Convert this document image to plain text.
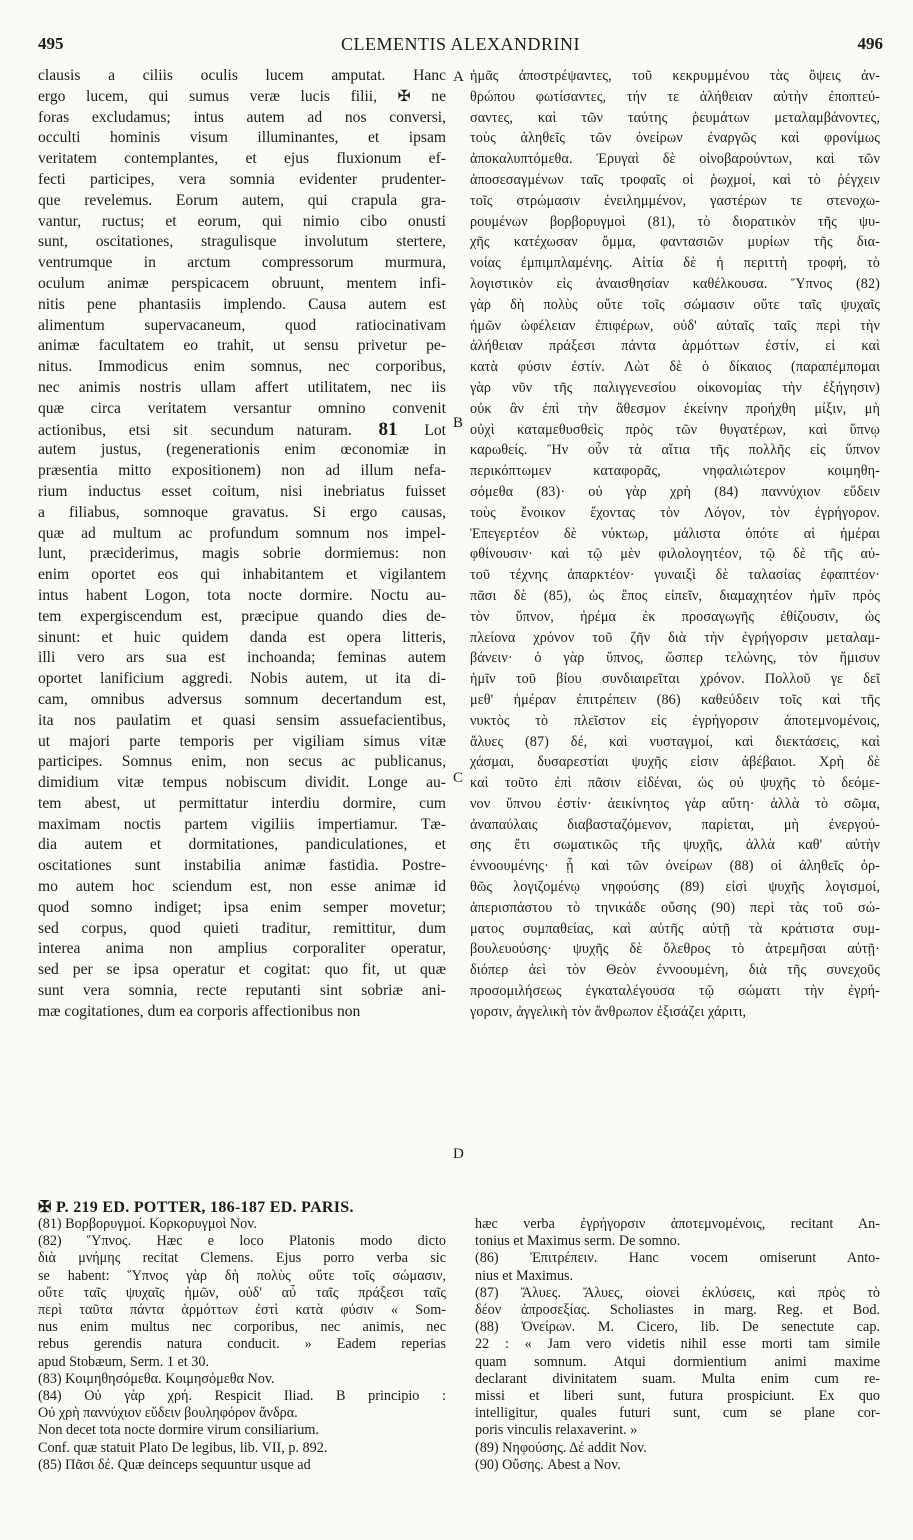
495	CLEMENTIS ALEXANDRINI	496
clausis a ciliis oculis lucem amputat. Hanc
ergo lucem, qui sumus veræ lucis filii, ✠ ne
foras excludamus; intus autem ad nos conversi,
occulti hominis visum illuminantes, et ipsam
veritatem contemplantes, et ejus fluxionum ef-
fecti participes, vera somnia evidenter prudenter-
que revelemus. Eorum autem, qui crapula gra-
vantur, ructus; et eorum, qui nimio cibo onusti
sunt, oscitationes, stragulisque involutum stertere,
ventrumque in arctum compressorum murmura,
oculum animæ perspicacem obruunt, mentem infi-
nitis pene phantasiis implendo. Causa autem est
alimentum supervacaneum, quod ratiocinativam
animæ facultatem eo trahit, ut sensu privetur pe-
nitus. Immodicus enim somnus, nec corporibus,
nec animis nostris ullam affert utilitatem, nec iis
quæ circa veritatem versantur omnino convenit
actionibus, etsi sit secundum naturam. 81 Lot
autem justus, (regenerationis enim œconomiæ in
præsentia mitto expositionem) non ad illum nefa-
rium inductus esset coitum, nisi inebriatus fuisset
a filiabus, somnoque gravatus. Si ergo causas,
quæ ad multum ac profundum somnum nos impel-
lunt, præciderimus, magis sobrie dormiemus: non
enim oportet eos qui inhabitantem et vigilantem
intus habent Logon, tota nocte dormire. Noctu au-
tem expergiscendum est, præcipue quando dies de-
sinunt: et huic quidem danda est opera litteris,
illi vero ars sua est inchoanda; feminas autem
oportet lanificium aggredi. Nobis autem, ut ita di-
cam, omnibus adversus somnum decertandum est,
ita nos paulatim et quasi sensim assuefacientibus,
ut majori parte temporis per vigiliam simus vitæ
participes. Somnus enim, non secus ac publicanus,
dimidium vitæ tempus nobiscum dividit. Longe au-
tem abest, ut permittatur interdiu dormire, cum
maximam noctis partem vigiliis impertiamur. Tæ-
dia autem et dormitationes, pandiculationes, et
oscitationes sunt instabilia animæ fastidia. Postre-
mo autem hoc sciendum est, non esse animæ id
quod somno indiget; ipsa enim semper movetur;
sed corpus, quod quieti traditur, remittitur, dum
interea anima non amplius corporaliter operatur,
sed per se ipsa operatur et cogitat: quo fit, ut quæ
sunt vera somnia, recte reputanti sint sobriæ ani-
mæ cogitationes, dum ea corporis affectionibus non
ἡμᾶς ἀποστρέψαντες, τοῦ κεκρυμμένου τὰς ὄψεις ἀν-
θρώπου φωτίσαντες, τήν τε ἀλήθειαν αὐτὴν ἐποπτεύ-
σαντες, καὶ τῶν ταύτης ῥευμάτων μεταλαμβάνοντες,
τοὺς ἀληθεῖς τῶν ὀνείρων ἐναργῶς καὶ φρονίμως
ἀποκαλυπτόμεθα. Ἐρυγαὶ δὲ οἰνοβαρούντων, καὶ τῶν
ἀποσεσαγμένων ταῖς τροφαῖς οἱ ῥωχμοί, καὶ τὸ ῥέγχειν
τοῖς στρώμασιν ἐνειλημμένον, γαστέρων τε στενοχω-
ρουμένων βορβορυγμοὶ (81), τὸ διορατικὸν τῆς ψυ-
χῆς κατέχωσαν ὄμμα, φαντασιῶν μυρίων τῆς δια-
νοίας ἐμπιμπλαμένης. Αἰτία δὲ ἡ περιττὴ τροφή, τὸ
λογιστικὸν εἰς ἀναισθησίαν καθέλκουσα. Ὕπνος (82)
γὰρ δὴ πολὺς οὔτε τοῖς σώμασιν οὔτε ταῖς ψυχαῖς
ἡμῶν ὠφέλειαν ἐπιφέρων, οὐδ' αὐταῖς ταῖς περὶ τὴν
ἀλήθειαν πράξεσι πάντα ἁρμόττων ἐστίν, εἰ καὶ
κατὰ φύσιν ἐστίν. Λὼτ δὲ ὁ δίκαιος (παραπέμπομαι
γὰρ νῦν τῆς παλιγγενεσίου οἰκονομίας τὴν ἐξήγησιν)
οὐκ ἂν ἐπὶ τὴν ἄθεσμον ἐκείνην προήχθη μίξιν, μὴ
οὐχὶ καταμεθυσθεὶς πρὸς τῶν θυγατέρων, καὶ ὕπνῳ
καρωθείς. Ἢν οὖν τὰ αἴτια τῆς πολλῆς εἰς ὕπνον
περικόπτωμεν καταφορᾶς, νηφαλιώτερον κοιμηθη-
σόμεθα (83)· οὐ γὰρ χρὴ (84) παννύχιον εὕδειν
τοὺς ἔνοικον ἔχοντας τὸν Λόγον, τὸν ἐγρήγορον.
Ἐπεγερτέον δὲ νύκτωρ, μάλιστα ὁπότε αἱ ἡμέραι
φθίνουσιν· καὶ τῷ μὲν φιλολογητέον, τῷ δὲ τῆς αὐ-
τοῦ τέχνης ἀπαρκτέον· γυναιξὶ δὲ ταλασίας ἐφαπτέον·
πᾶσι δὲ (85), ὡς ἔπος εἰπεῖν, διαμαχητέον ἡμῖν πρὸς
τὸν ὕπνον, ἠρέμα ἐκ προσαγωγῆς ἐθίζουσιν, ὡς
πλείονα χρόνον τοῦ ζῆν διὰ τὴν ἐγρήγορσιν μεταλαμ-
βάνειν· ὁ γὰρ ὕπνος, ὥσπερ τελώνης, τὸν ἥμισυν
ἡμῖν τοῦ βίου συνδιαιρεῖται χρόνον. Πολλοῦ γε δεῖ
μεθ' ἡμέραν ἐπιτρέπειν (86) καθεύδειν τοῖς καὶ τῆς
νυκτὸς τὸ πλεῖστον εἰς ἐγρήγορσιν ἀποτεμνομένοις,
ἄλυες (87) δέ, καὶ νυσταγμοί, καὶ διεκτάσεις, καὶ
χάσμαι, δυσαρεστίαι ψυχῆς εἰσιν ἀβέβαιοι. Χρὴ δὲ
καὶ τοῦτο ἐπὶ πᾶσιν εἰδέναι, ὡς οὐ ψυχῆς τὸ δεόμε-
νον ὕπνου ἐστίν· ἀεικίνητος γὰρ αὕτη· ἀλλὰ τὸ σῶμα,
ἀναπαύλαις διαβασταζόμενον, παρίεται, μὴ ἐνεργού-
σης ἔτι σωματικῶς τῆς ψυχῆς, ἀλλὰ καθ' αὑτὴν
ἐννοουμένης· ᾗ καὶ τῶν ὀνείρων (88) οἱ ἀληθεῖς ὀρ-
θῶς λογιζομένῳ νηφούσης (89) εἰσὶ ψυχῆς λογισμοί,
ἀπερισπάστου τὸ τηνικάδε οὔσης (90) περὶ τὰς τοῦ σώ-
ματος συμπαθείας, καὶ αὑτῆς αὐτῇ τὰ κράτιστα συμ-
βουλευούσης· ψυχῆς δὲ ὄλεθρος τὸ ἀτρεμῆσαι αὐτῇ·
διόπερ ἀεὶ τὸν Θεὸν ἐννοουμένη, διὰ τῆς συνεχοῦς
προσομιλήσεως ἐγκαταλέγουσα τῷ σώματι τὴν ἐγρή-
γορσιν, ἀγγελικὴ τὸν ἄνθρωπον ἐξισάζει χάριτι,
A
B
C
D
✠ P. 219 ED. POTTER, 186-187 ED. PARIS.
(81) Βορβορυγμοί. Κορκορυγμοὶ Nov.
(82) Ὕπνος. Hæc e loco Platonis modo dicto
διὰ μνήμης recitat Clemens. Ejus porro verba sic
se habent: Ὕπνος γὰρ δὴ πολὺς οὔτε τοῖς σώμασιν,
οὔτε ταῖς ψυχαῖς ἡμῶν, οὐδ' αὖ ταῖς πράξεσι ταῖς
περὶ ταῦτα πάντα ἁρμόττων ἐστὶ κατὰ φύσιν « Som-
nus enim multus nec corporibus, nec animis, nec
rebus gerendis natura conducit. » Eadem reperias
apud Stobæum, Serm. 1 et 30.
(83) Κοιμηθησόμεθα. Κοιμησόμεθα Nov.
(84) Οὐ γὰρ χρή. Respicit Iliad. B principio :
Οὐ χρὴ παννύχιον εὕδειν βουληφόρον ἄνδρα.
Non decet tota nocte dormire virum consiliarium.
Conf. quæ statuit Plato De legibus, lib. VII, p. 892.
(85) Πᾶσι δέ. Quæ deinceps sequuntur usque ad
hæc verba ἐγρήγορσιν ἀποτεμνομένοις, recitant An-
tonius et Maximus serm. De somno.
(86) Ἐπιτρέπειν. Hanc vocem omiserunt Anto-
nius et Maximus.
(87) Ἄλυες. Ἄλυες, οἱονεὶ ἐκλύσεις, καὶ πρὸς τὸ
δέον ἀπροσεξίας. Scholiastes in marg. Reg. et Bod.
(88) Ὀνείρων. M. Cicero, lib. De senectute cap.
22 : « Jam vero videtis nihil esse morti tam simile
quam somnum. Atqui dormientium animi maxime
declarant divinitatem suam. Multa enim cum re-
missi et liberi sunt, futura prospiciunt. Ex quo
intelligitur, quales futuri sunt, cum se plane cor-
poris vinculis relaxaverint. »
(89) Νηφούσης. Δέ addit Nov.
(90) Οὔσης. Abest a Nov.
